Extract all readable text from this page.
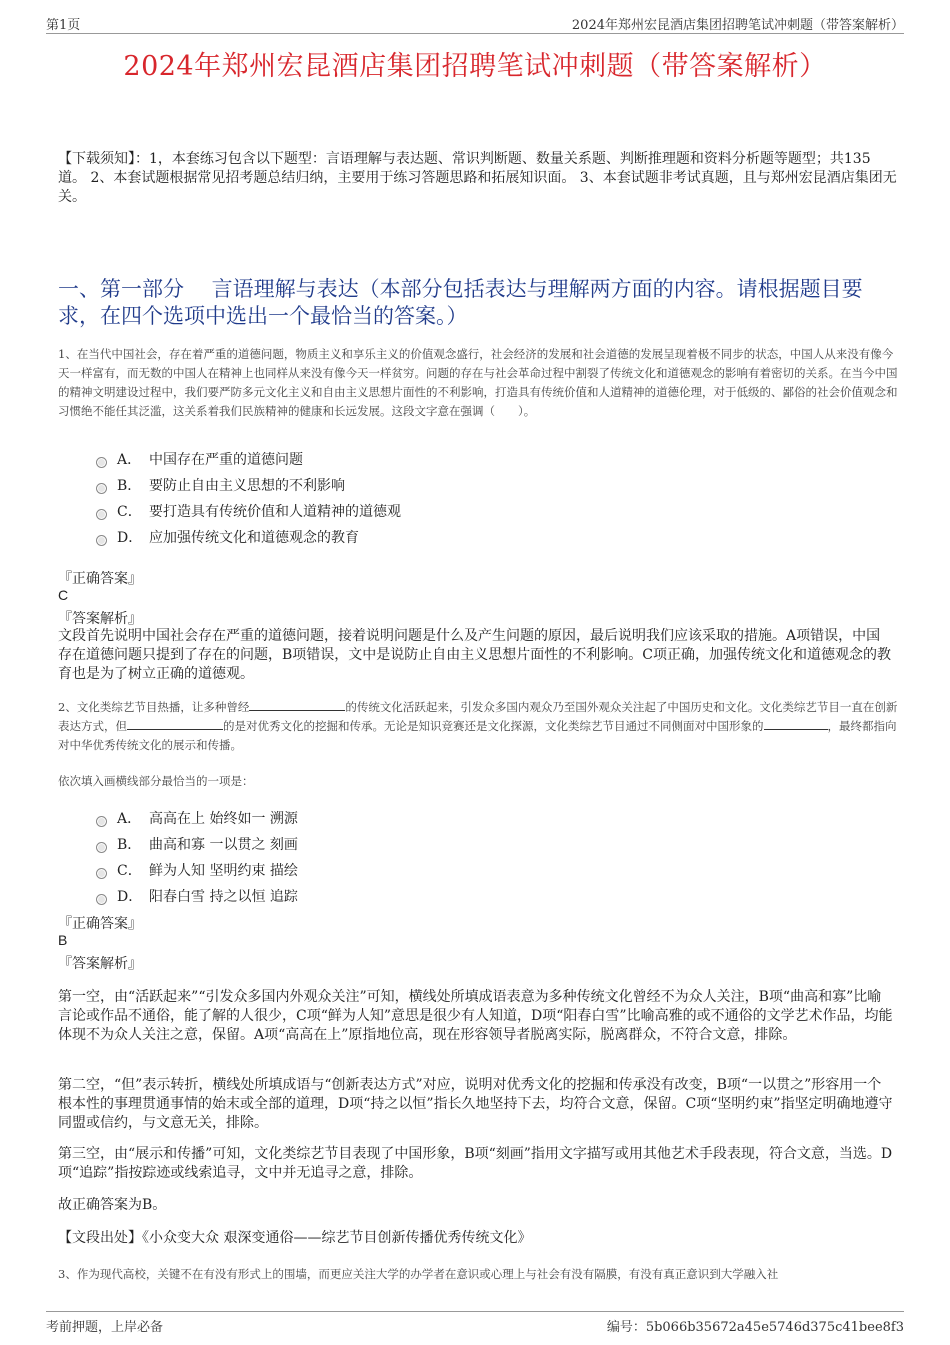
第1页	2024年郑州宏昆酒店集团招聘笔试冲刺题（带答案解析）
2024年郑州宏昆酒店集团招聘笔试冲刺题（带答案解析）
【下载须知】：1，本套练习包含以下题型：言语理解与表达题、常识判断题、数量关系题、判断推理题和资料分析题等题型；共135道。 2、本套试题根据常见招考题总结归纳，主要用于练习答题思路和拓展知识面。 3、本套试题非考试真题，且与郑州宏昆酒店集团无关。
一、第一部分　 言语理解与表达（本部分包括表达与理解两方面的内容。请根据题目要求，在四个选项中选出一个最恰当的答案。）
1、在当代中国社会，存在着严重的道德问题，物质主义和享乐主义的价值观念盛行，社会经济的发展和社会道德的发展呈现着极不同步的状态，中国人从来没有像今天一样富有，而无数的中国人在精神上也同样从来没有像今天一样贫穷。问题的存在与社会革命过程中割裂了传统文化和道德观念的影响有着密切的关系。在当今中国的精神文明建设过程中，我们要严防多元文化主义和自由主义思想片面性的不利影响，打造具有传统价值和人道精神的道德伦理，对于低级的、鄙俗的社会价值观念和习惯绝不能任其泛滥，这关系着我们民族精神的健康和长远发展。这段文字意在强调（　　）。
A． 中国存在严重的道德问题
B． 要防止自由主义思想的不利影响
C． 要打造具有传统价值和人道精神的道德观
D． 应加强传统文化和道德观念的教育
『正确答案』
C
『答案解析』
文段首先说明中国社会存在严重的道德问题，接着说明问题是什么及产生问题的原因，最后说明我们应该采取的措施。A项错误，中国存在道德问题只提到了存在的问题，B项错误，文中是说防止自由主义思想片面性的不利影响。C项正确，加强传统文化和道德观念的教育也是为了树立正确的道德观。
2、文化类综艺节目热播，让多种曾经	的传统文化活跃起来，引发众多国内观众乃至国外观众关注起了中国历史和文化。文化类综艺节目一直在创新表达方式，但	的是对优秀文化的挖掘和传承。无论是知识竞赛还是文化探源，文化类综艺节目通过不同侧面对中国形象的	，最终都指向对中华优秀传统文化的展示和传播。
依次填入画横线部分最恰当的一项是：
A． 高高在上 始终如一 溯源
B． 曲高和寡 一以贯之 刻画
C． 鲜为人知 坚明约束 描绘
D． 阳春白雪 持之以恒 追踪
『正确答案』
B
『答案解析』
第一空，由“活跃起来”“引发众多国内外观众关注”可知，横线处所填成语表意为多种传统文化曾经不为众人关注，B项“曲高和寡”比喻言论或作品不通俗，能了解的人很少，C项“鲜为人知”意思是很少有人知道，D项“阳春白雪”比喻高雅的或不通俗的文学艺术作品，均能体现不为众人关注之意，保留。A项“高高在上”原指地位高，现在形容领导者脱离实际，脱离群众，不符合文意，排除。
第二空，“但”表示转折，横线处所填成语与“创新表达方式”对应，说明对优秀文化的挖掘和传承没有改变，B项“一以贯之”形容用一个根本性的事理贯通事情的始末或全部的道理，D项“持之以恒”指长久地坚持下去，均符合文意，保留。C项“坚明约束”指坚定明确地遵守同盟或信约，与文意无关，排除。
第三空，由“展示和传播”可知，文化类综艺节目表现了中国形象，B项“刻画”指用文字描写或用其他艺术手段表现，符合文意，当选。D项“追踪”指按踪迹或线索追寻，文中并无追寻之意，排除。
故正确答案为B。
【文段出处】《小众变大众 艰深变通俗——综艺节目创新传播优秀传统文化》
3、作为现代高校，关键不在有没有形式上的围墙，而更应关注大学的办学者在意识或心理上与社会有没有隔膜，有没有真正意识到大学融入社
考前押题，上岸必备	编号：5b066b35672a45e5746d375c41bee8f3
